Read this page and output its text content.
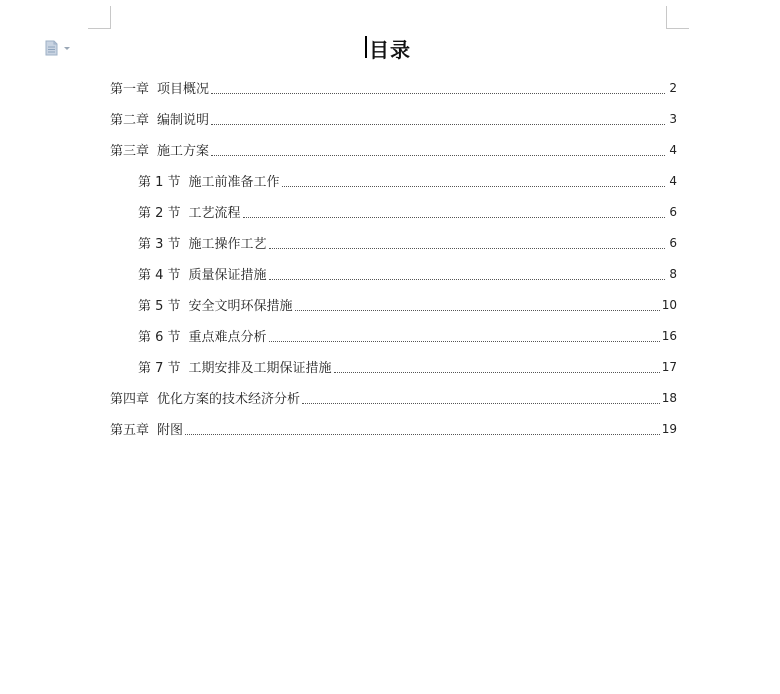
目录
第一章 项目概况	2
第二章 编制说明	3
第三章 施工方案	4
第 1 节 施工前准备工作	4
第 2 节 工艺流程	6
第 3 节 施工操作工艺	6
第 4 节 质量保证措施	8
第 5 节 安全文明环保措施	10
第 6 节 重点难点分析	16
第 7 节 工期安排及工期保证措施	17
第四章 优化方案的技术经济分析	18
第五章 附图	19
